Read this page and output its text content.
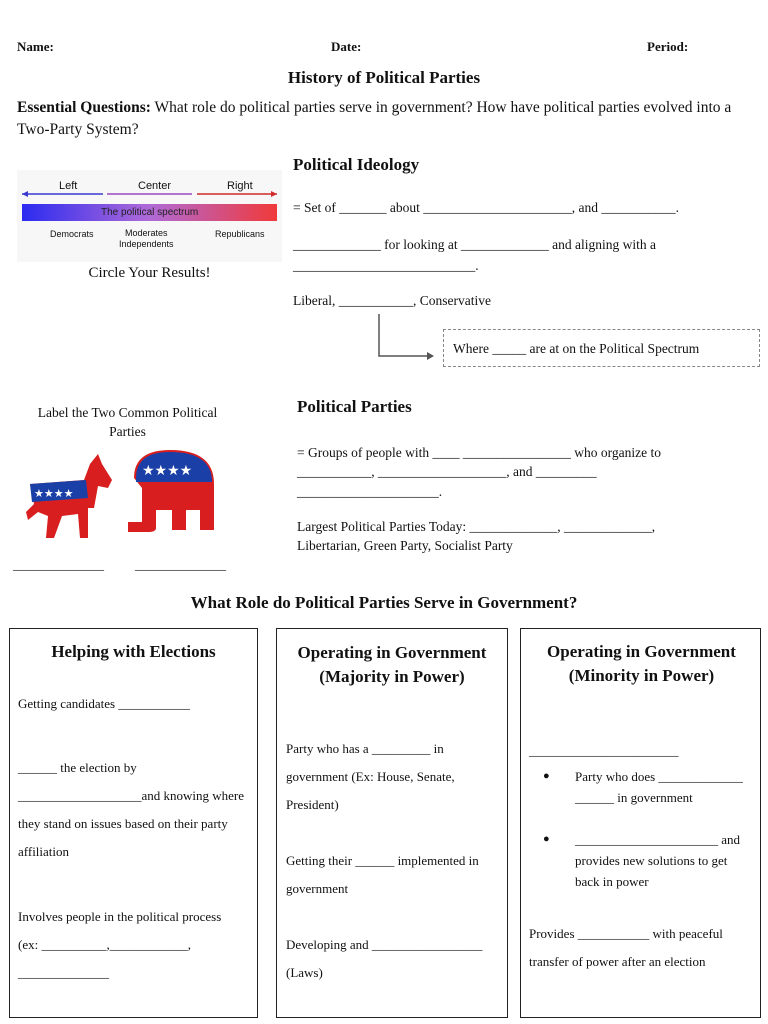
Name:	Date:	Period:
History of Political Parties
Essential Questions: What role do political parties serve in government? How have political parties evolved into a Two-Party System?
Left	Center	Right
The political spectrum
Democrats	Moderates
Independents
Republicans
Circle Your Results!
Political Ideology
= Set of _______ about ______________________, and ___________.
_____________ for looking at _____________ and aligning with a
___________________________.
Liberal, ___________, Conservative
Where _____ are at on the Political Spectrum
Label the Two Common Political Parties
★★★★
★★★★
______________ ______________
Political Parties
= Groups of people with ____ ________________ who organize to
___________, ___________________, and _________
_____________________.
Largest Political Parties Today: _____________, _____________,
Libertarian, Green Party, Socialist Party
What Role do Political Parties Serve in Government?
Helping with Elections
Getting candidates ___________
______ the election by ___________________and knowing where they stand on issues based on their party affiliation
Involves people in the political process (ex: __________,____________, ______________
Operating in Government (Majority in Power)
Party who has a _________ in government (Ex: House, Senate, President)
Getting their ______ implemented in government
Developing and _________________ (Laws)
Operating in Government (Minority in Power)
_______________________
● Party who does _____________ ______ in government
● ______________________ and provides new solutions to get back in power
Provides ___________ with peaceful transfer of power after an election
